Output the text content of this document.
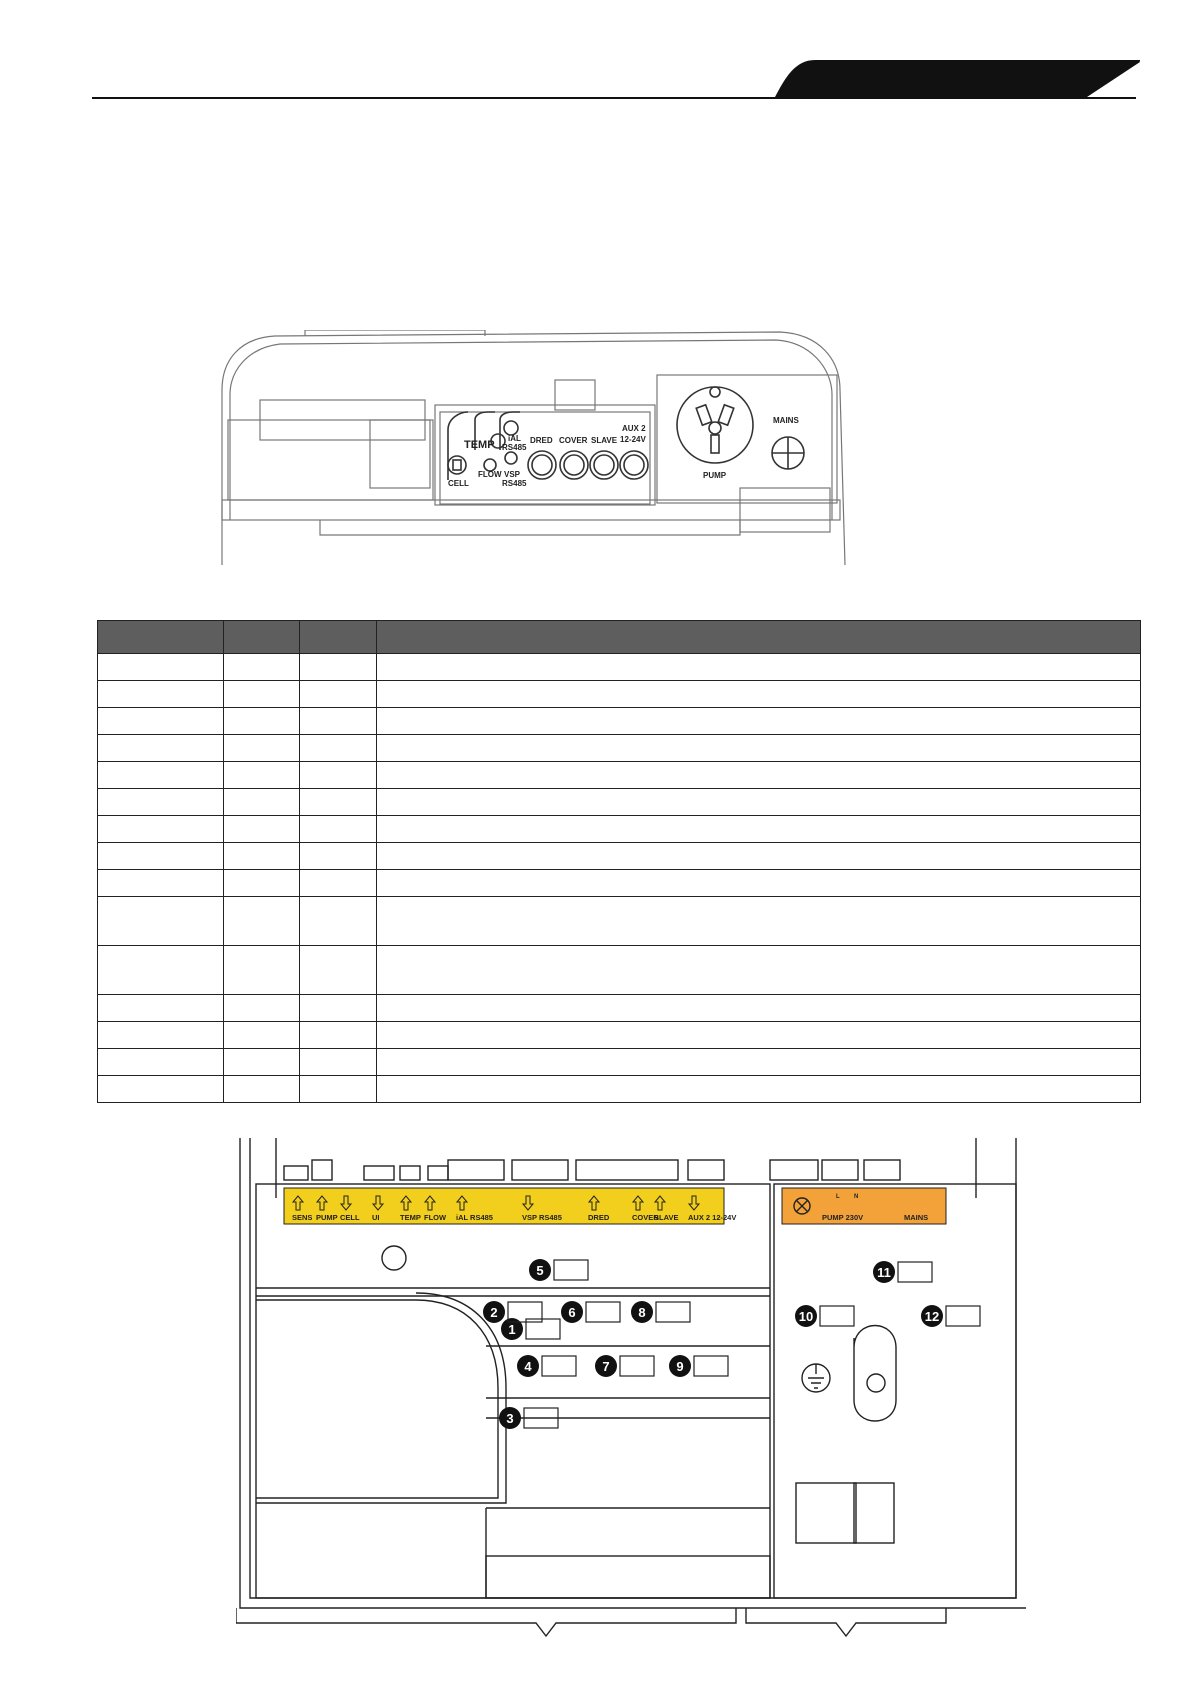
TEMP
CELL
FLOW
iAL
RS485
VSP
RS485
DRED COVER SLAVE
AUX 2
12-24V
PUMP
MAINS

SENS PUMP CELL UI	TEMP FLOW iAL RS485	VSP RS485	DRED	COVER
SLAVE AUX 2 12-24V	PUMP 230V	MAINS
L N
1
2
3
4
5
6
7
8
9
10
11
12
